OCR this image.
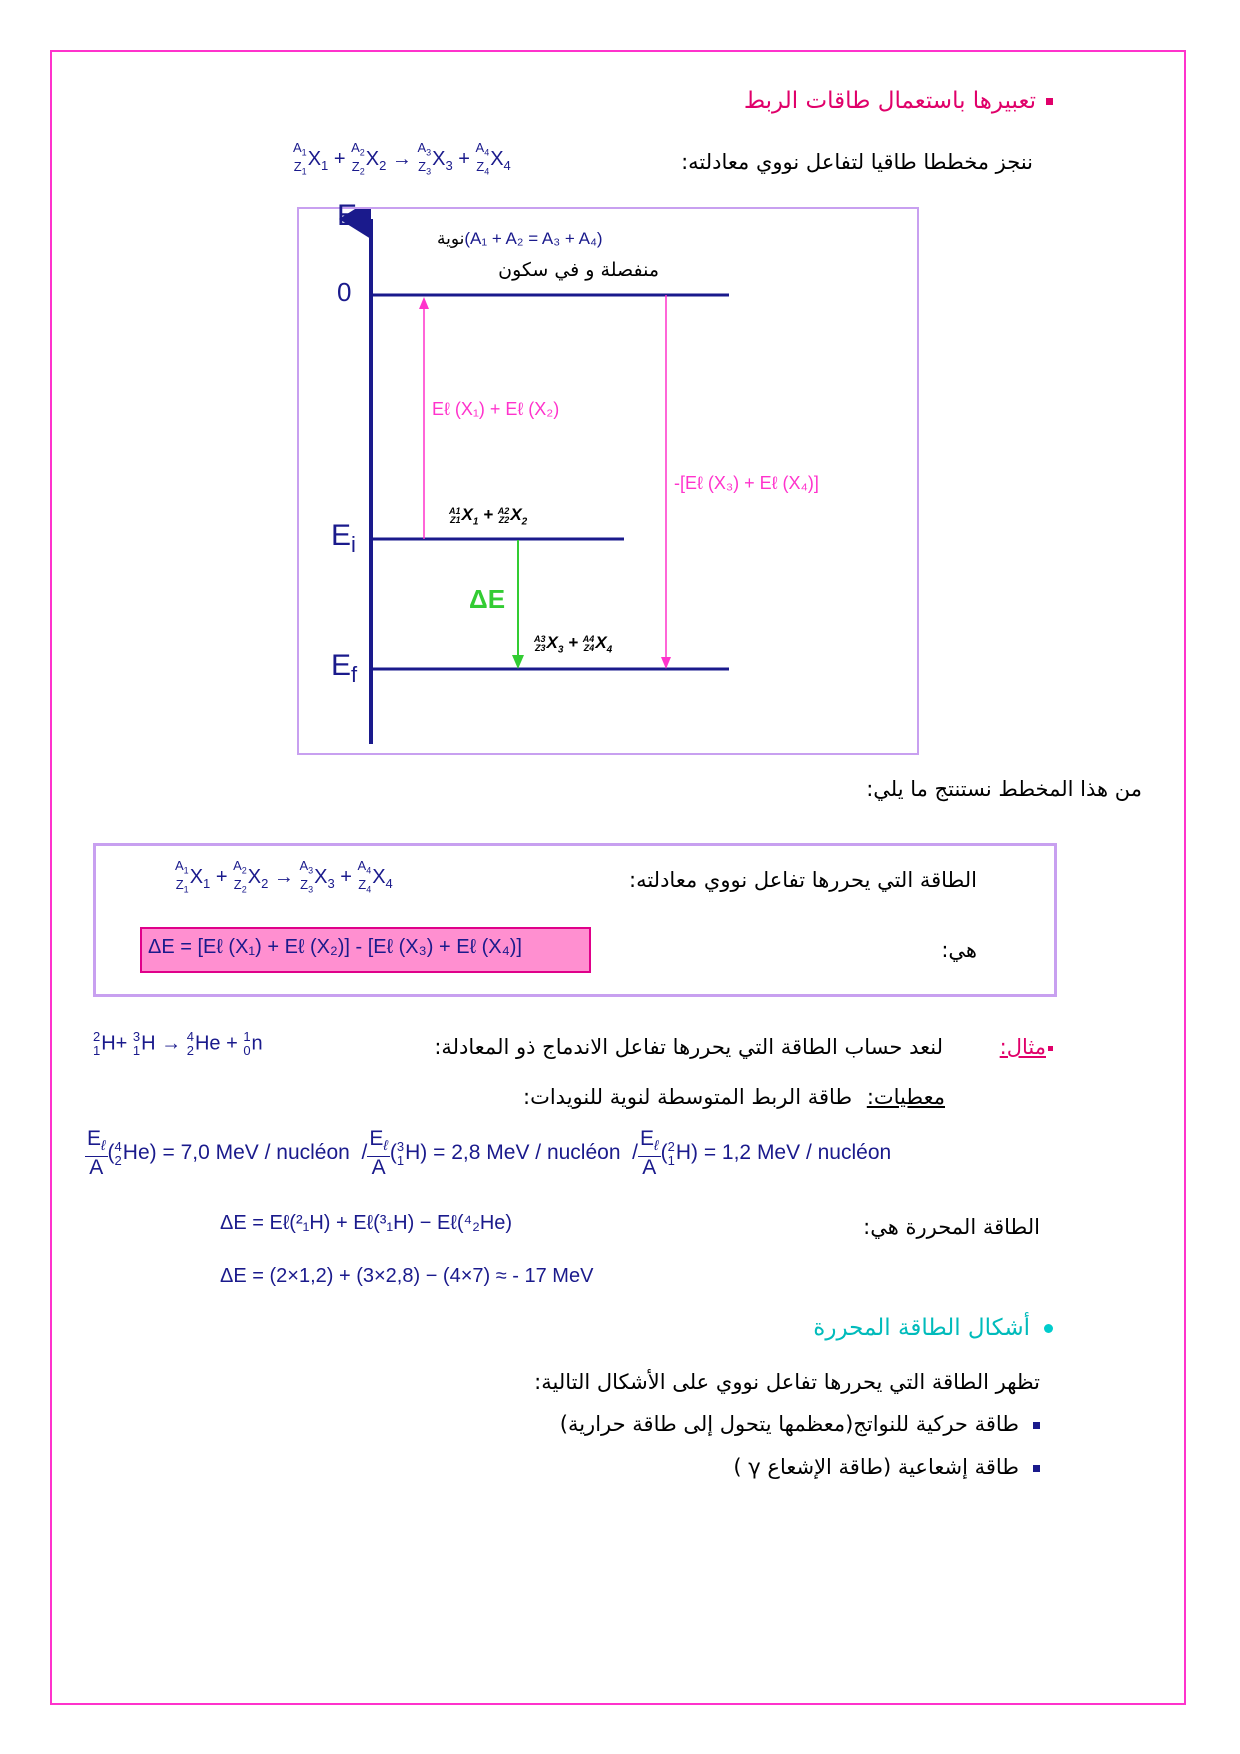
تعبيرها باستعمال طاقات الربط
ننجز مخططا طاقيا لتفاعل نووي معادلته:
$A_1$
$Z_1$
$X_1$ +
$A_2$
$Z_2$
$X_2$ →
$A_3$
$Z_3$
$X_3$ +
$A_4$
$Z_4$
$X_4$
E
0
$E_i$
$E_f$
نوية(A₁ + A₂ = A₃ + A₄)
منفصلة و في سكون
Eℓ (X₁) + Eℓ (X₂)
-[Eℓ (X₃) + Eℓ (X₄)]
A1
Z1 $X_1 + A2$
Z2 $X_2$
ΔE
A3
Z3 $X_3 + A4$
Z4 $X_4$
من هذا المخطط نستنتج ما يلي:
الطاقة التي يحررها تفاعل نووي معادلته:
$A_1$
$Z_1$
$X_1$ +
$A_2$
$Z_2$
$X_2$ →
$A_3$
$Z_3$
$X_3$ +
$A_4$
$Z_4$
$X_4$
هي:
ΔE = [Eℓ (X₁) + Eℓ (X₂)] - [Eℓ (X₃) + Eℓ (X₄)]
مثال: لنعد حساب الطاقة التي يحررها تفاعل الاندماج ذو المعادلة:
2
1 H+ 3
1 H → 4
2 He + 1
0 n
معطيات: طاقة الربط المتوسطة لنوية للنويدات:
$\frac{E_\ell}{A}$ ( 4
2 He) = 7,0 MeV / nucléon  / $\frac{E_\ell}{A}$ ( 3
1 H) = 2,8 MeV / nucléon  / $\frac{E_\ell}{A}$ ( 2
1 H) = 1,2 MeV / nucléon
الطاقة المحررة هي:
ΔE = Eℓ(²₁H) + Eℓ(³₁H) − Eℓ(⁴₂He)
ΔE = (2×1,2) + (3×2,8) − (4×7) ≈ - 17 MeV
أشكال الطاقة المحررة
تظهر الطاقة التي يحررها تفاعل نووي على الأشكال التالية:
طاقة حركية للنواتج(معظمها يتحول إلى طاقة حرارية)
طاقة إشعاعية (طاقة الإشعاع γ )
